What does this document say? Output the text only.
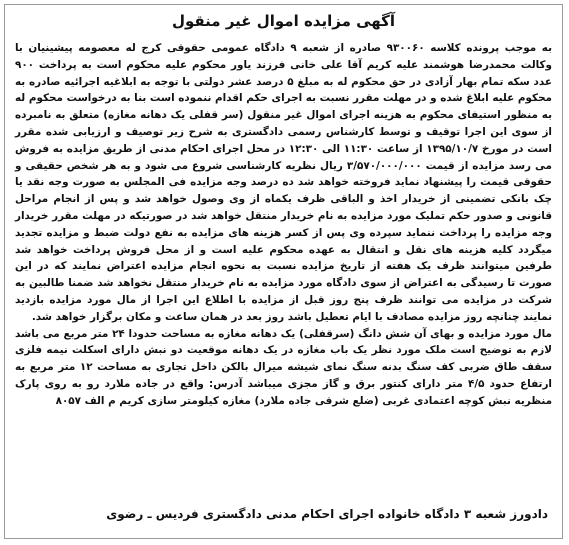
آگهی مزایده اموال غیر منقول

به موجب پرونده کلاسه ۹۳۰۰۶۰ صادره از شعبه ۹ دادگاه عمومی حقوقی کرج له معصومه پیشینیان با وکالت محمدرضا هوشمند علیه کریم آقا علی خانی فرزند یاور محکوم علیه محکوم است به پرداخت ۹۰۰ عدد سکه تمام بهار آزادی در حق محکوم له به مبلغ ۵ درصد عشر دولتی با توجه به ابلاغیه اجرائیه صادره به محکوم علیه ابلاغ شده و در مهلت مقرر نسبت به اجرای حکم اقدام ننموده است بنا به درخواست محکوم له به منظور استیفای محکوم به هزینه اجرای اموال غیر منقول (سر قفلی یک دهانه مغازه) متعلق به نامبرده از سوی این اجرا توقیف و توسط کارشناس رسمی دادگستری به شرح زیر توصیف و ارزیابی شده مقرر است در مورخ ۱۳۹۵/۱۰/۷ از ساعت ۱۱:۳۰ الی ۱۲:۳۰ در محل اجرای احکام مدنی از طریق مزایده به فروش می رسد مزایده از قیمت ۳/۵۷۰/۰۰۰/۰۰۰ ریال نظریه کارشناسی شروع می شود و به هر شخص حقیقی و حقوقی قیمت را پیشنهاد نماید فروخته خواهد شد ده درصد وجه مزایده فی المجلس به صورت وجه نقد یا چک بانکی تضمینی از خریدار اخذ و الباقی ظرف یکماه از وی وصول خواهد شد و پس از انجام مراحل قانونی و صدور حکم تملیک مورد مزایده به نام خریدار منتقل خواهد شد در صورتیکه در مهلت مقرر خریدار وجه مزایده را پرداخت ننماید سپرده وی پس از کسر هزینه های مزایده به نفع دولت ضبط و مزایده تجدید میگردد کلیه هزینه های نقل و انتقال به عهده محکوم علیه است و از محل فروش پرداخت خواهد شد طرفین میتوانند ظرف یک هفته از تاریخ مزایده نسبت به نحوه انجام مزایده اعتراض نمایند که در این صورت تا رسیدگی به اعتراض از سوی دادگاه مورد مزایده به نام خریدار منتقل نخواهد شد ضمنا طالبین به شرکت در مزایده می توانند ظرف پنج روز قبل از مزایده با اطلاع این اجرا از مال مورد مزایده بازدید نمایند چنانچه روز مزایده مصادف با ایام تعطیل باشد روز بعد در همان ساعت و مکان برگزار خواهد شد.

مال مورد مزایده و بهای آن شش دانگ (سرقفلی) یک دهانه مغازه به مساحت حدودا ۲۴ متر مربع می باشد لازم به توضیح است ملک مورد نظر یک باب مغازه در یک دهانه موقعیت دو نبش دارای اسکلت نیمه فلزی سقف طاق ضربی کف سنگ بدنه سنگ نمای شیشه میرال بالکن داخل تجاری به مساحت ۱۲ متر مربع به ارتفاع حدود ۴/۵ متر دارای کنتور برق و گاز مجزی میباشد آدرس: واقع در جاده ملارد رو به روی پارک منظریه نبش کوچه اعتمادی غربی (ضلع شرقی جاده ملارد) مغازه کیلومتر سازی کریم م الف ۸۰۵۷

دادورز شعبه ۳ دادگاه خانواده اجرای احکام مدنی دادگستری فردیس ـ رضوی
